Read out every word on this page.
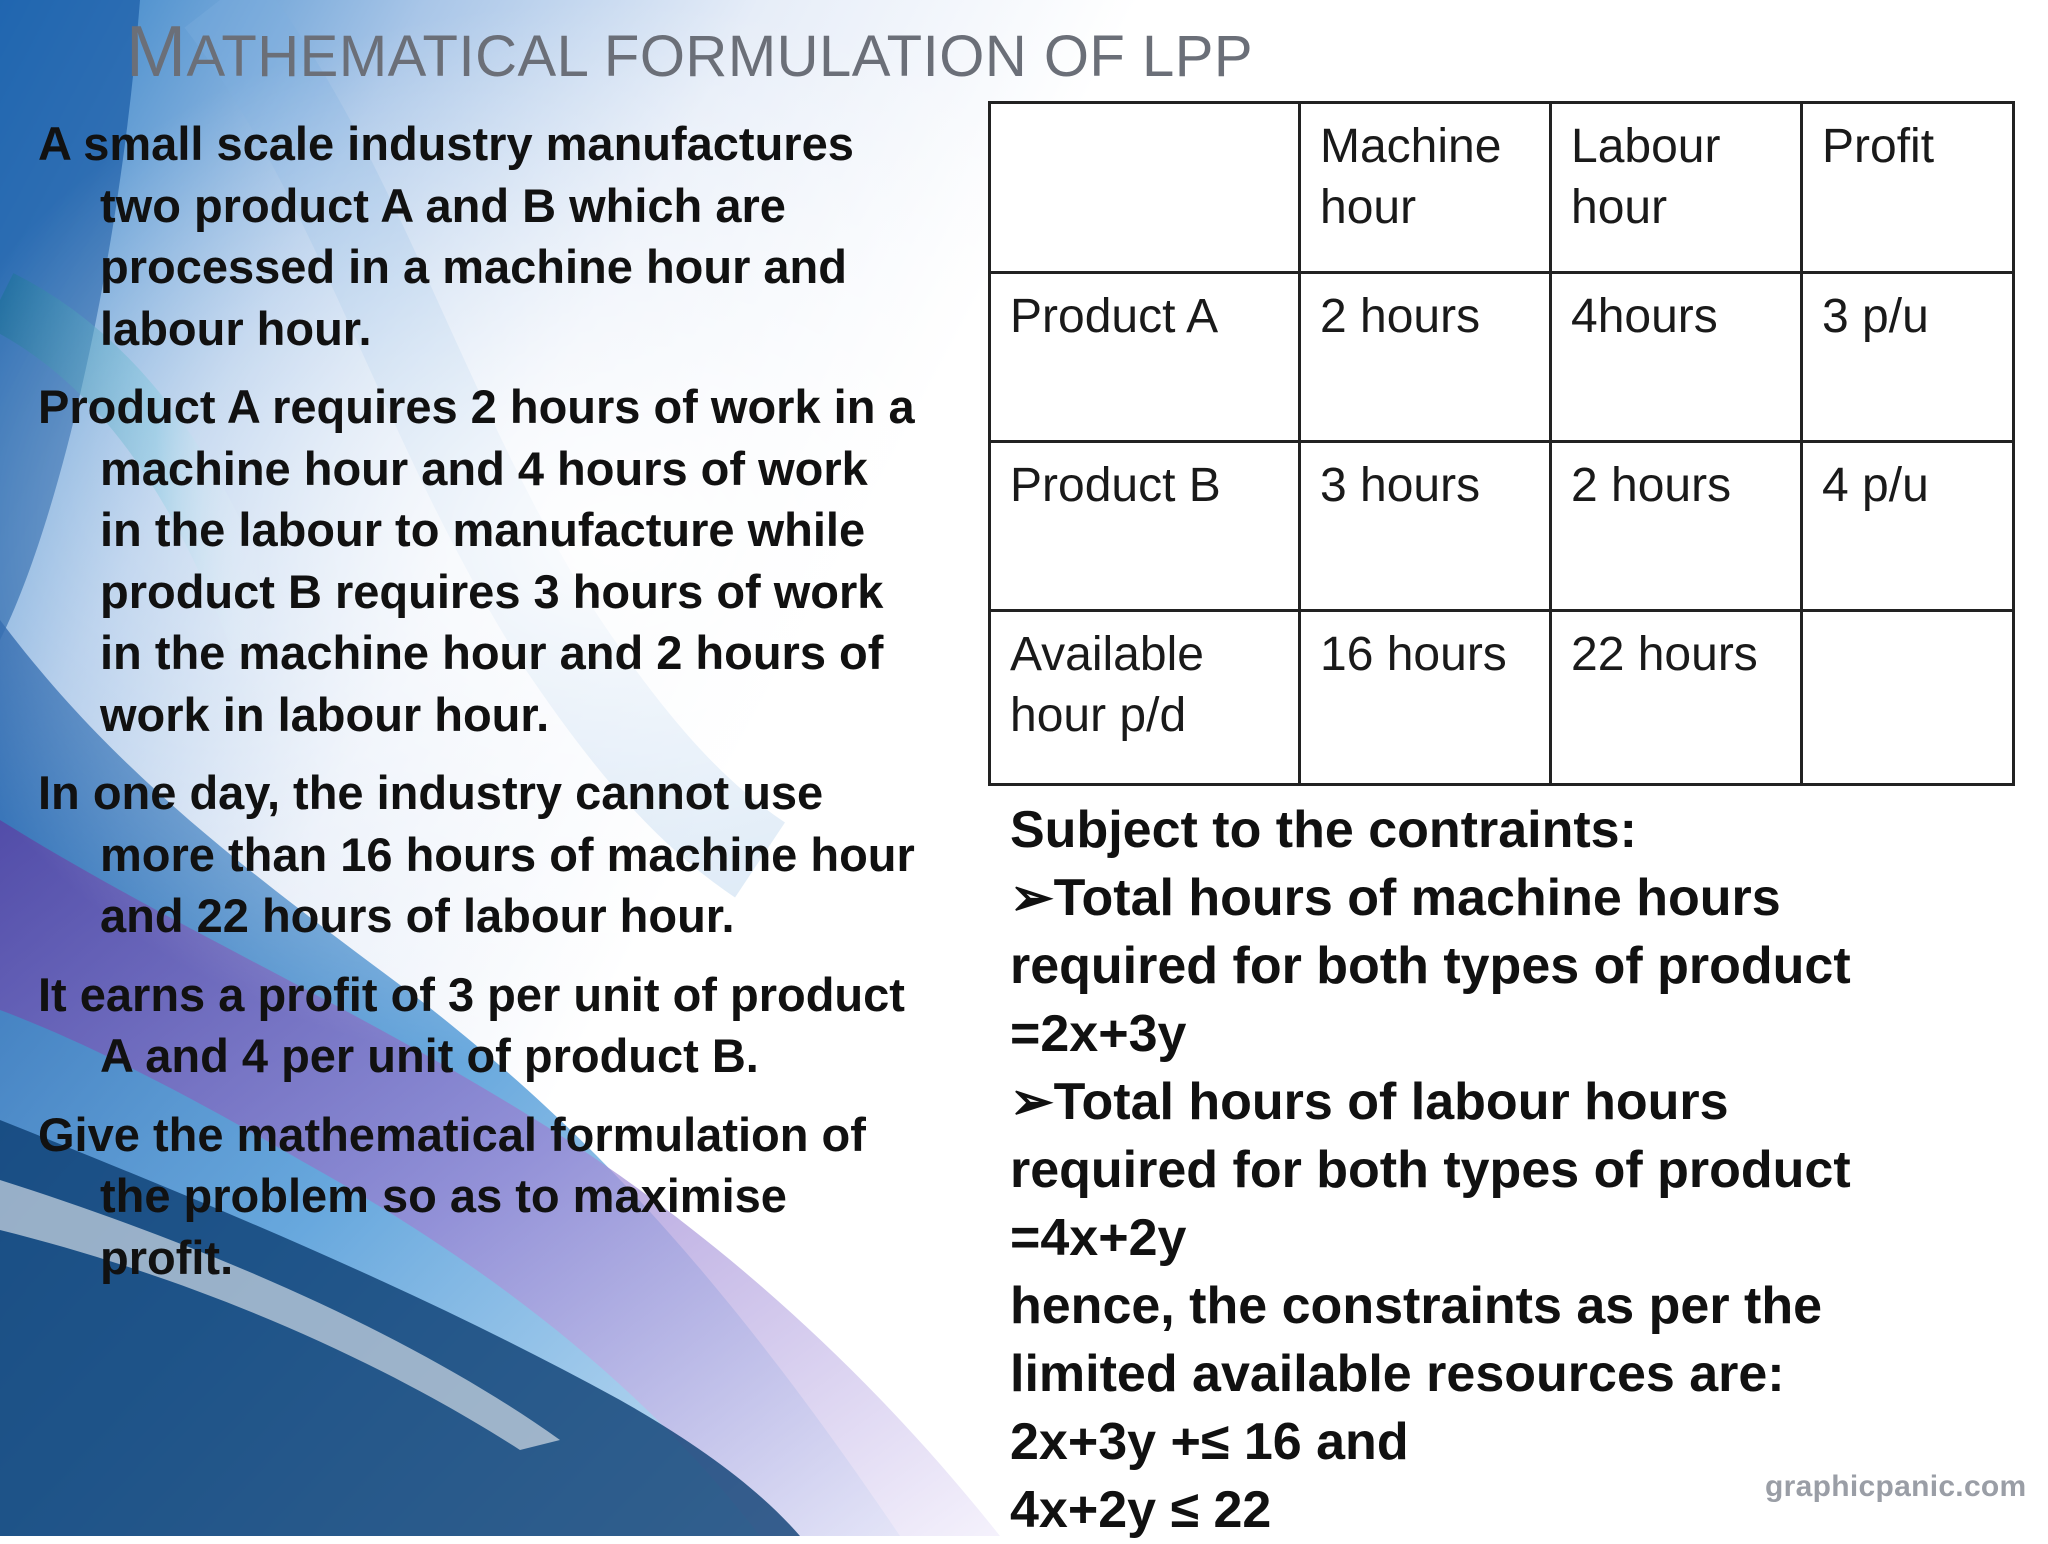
MATHEMATICAL FORMULATION OF LPP

A small scale industry manufactures two product A and B which are processed in a machine hour and labour hour.

Product A requires 2 hours of work in a machine hour and 4 hours of work in the labour to manufacture while product B requires 3 hours of work in the machine hour and 2 hours of work in labour hour.

In one day, the industry cannot use more than 16 hours of machine hour and 22 hours of labour hour.

It earns a profit of 3 per unit of product A and 4 per unit of product B.

Give the mathematical formulation of the problem so as to maximise profit.

	Machine hour	Labour hour	Profit
Product A	2 hours	4hours	3 p/u
Product B	3 hours	2 hours	4 p/u
Available hour p/d	16 hours	22 hours	
Subject to the contraints:
➢Total hours of machine hours
required for both types of product
=2x+3y
➢Total hours of labour hours
required for both types of product
=4x+2y
hence, the constraints as per the
limited available resources are:
2x+3y +≤ 16 and
4x+2y ≤ 22	graphicpanic.com
